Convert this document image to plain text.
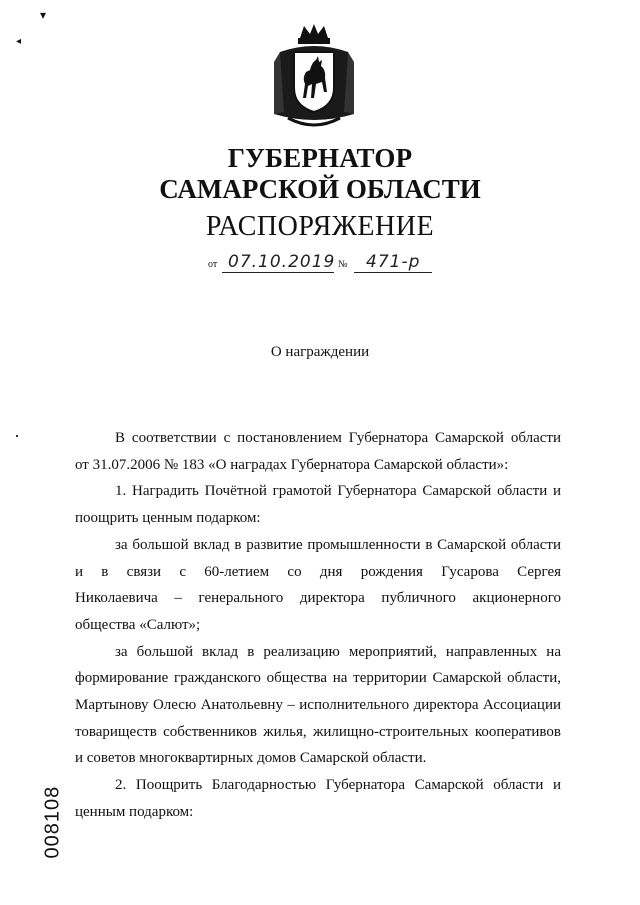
▾
◂
ГУБЕРНАТОР
САМАРСКОЙ ОБЛАСТИ
РАСПОРЯЖЕНИЕ
от 07.10.2019 № 471-р
О награждении

В соответствии с постановлением Губернатора Самарской области

от 31.07.2006 № 183 «О наградах Губернатора Самарской области»:

1. Наградить Почётной грамотой Губернатора Самарской области и

поощрить ценным подарком:

за большой вклад в развитие промышленности в Самарской области

и в связи с 60-летием со дня рождения Гусарова Сергея

Николаевича – генерального директора публичного акционерного

общества «Салют»;

за большой вклад в реализацию мероприятий, направленных на

формирование гражданского общества на территории Самарской области,

Мартынову Олесю Анатольевну – исполнительного директора Ассоциации

товариществ собственников жилья, жилищно-строительных кооперативов

и советов многоквартирных домов Самарской области.

2. Поощрить Благодарностью Губернатора Самарской области и

ценным подарком:

008108
